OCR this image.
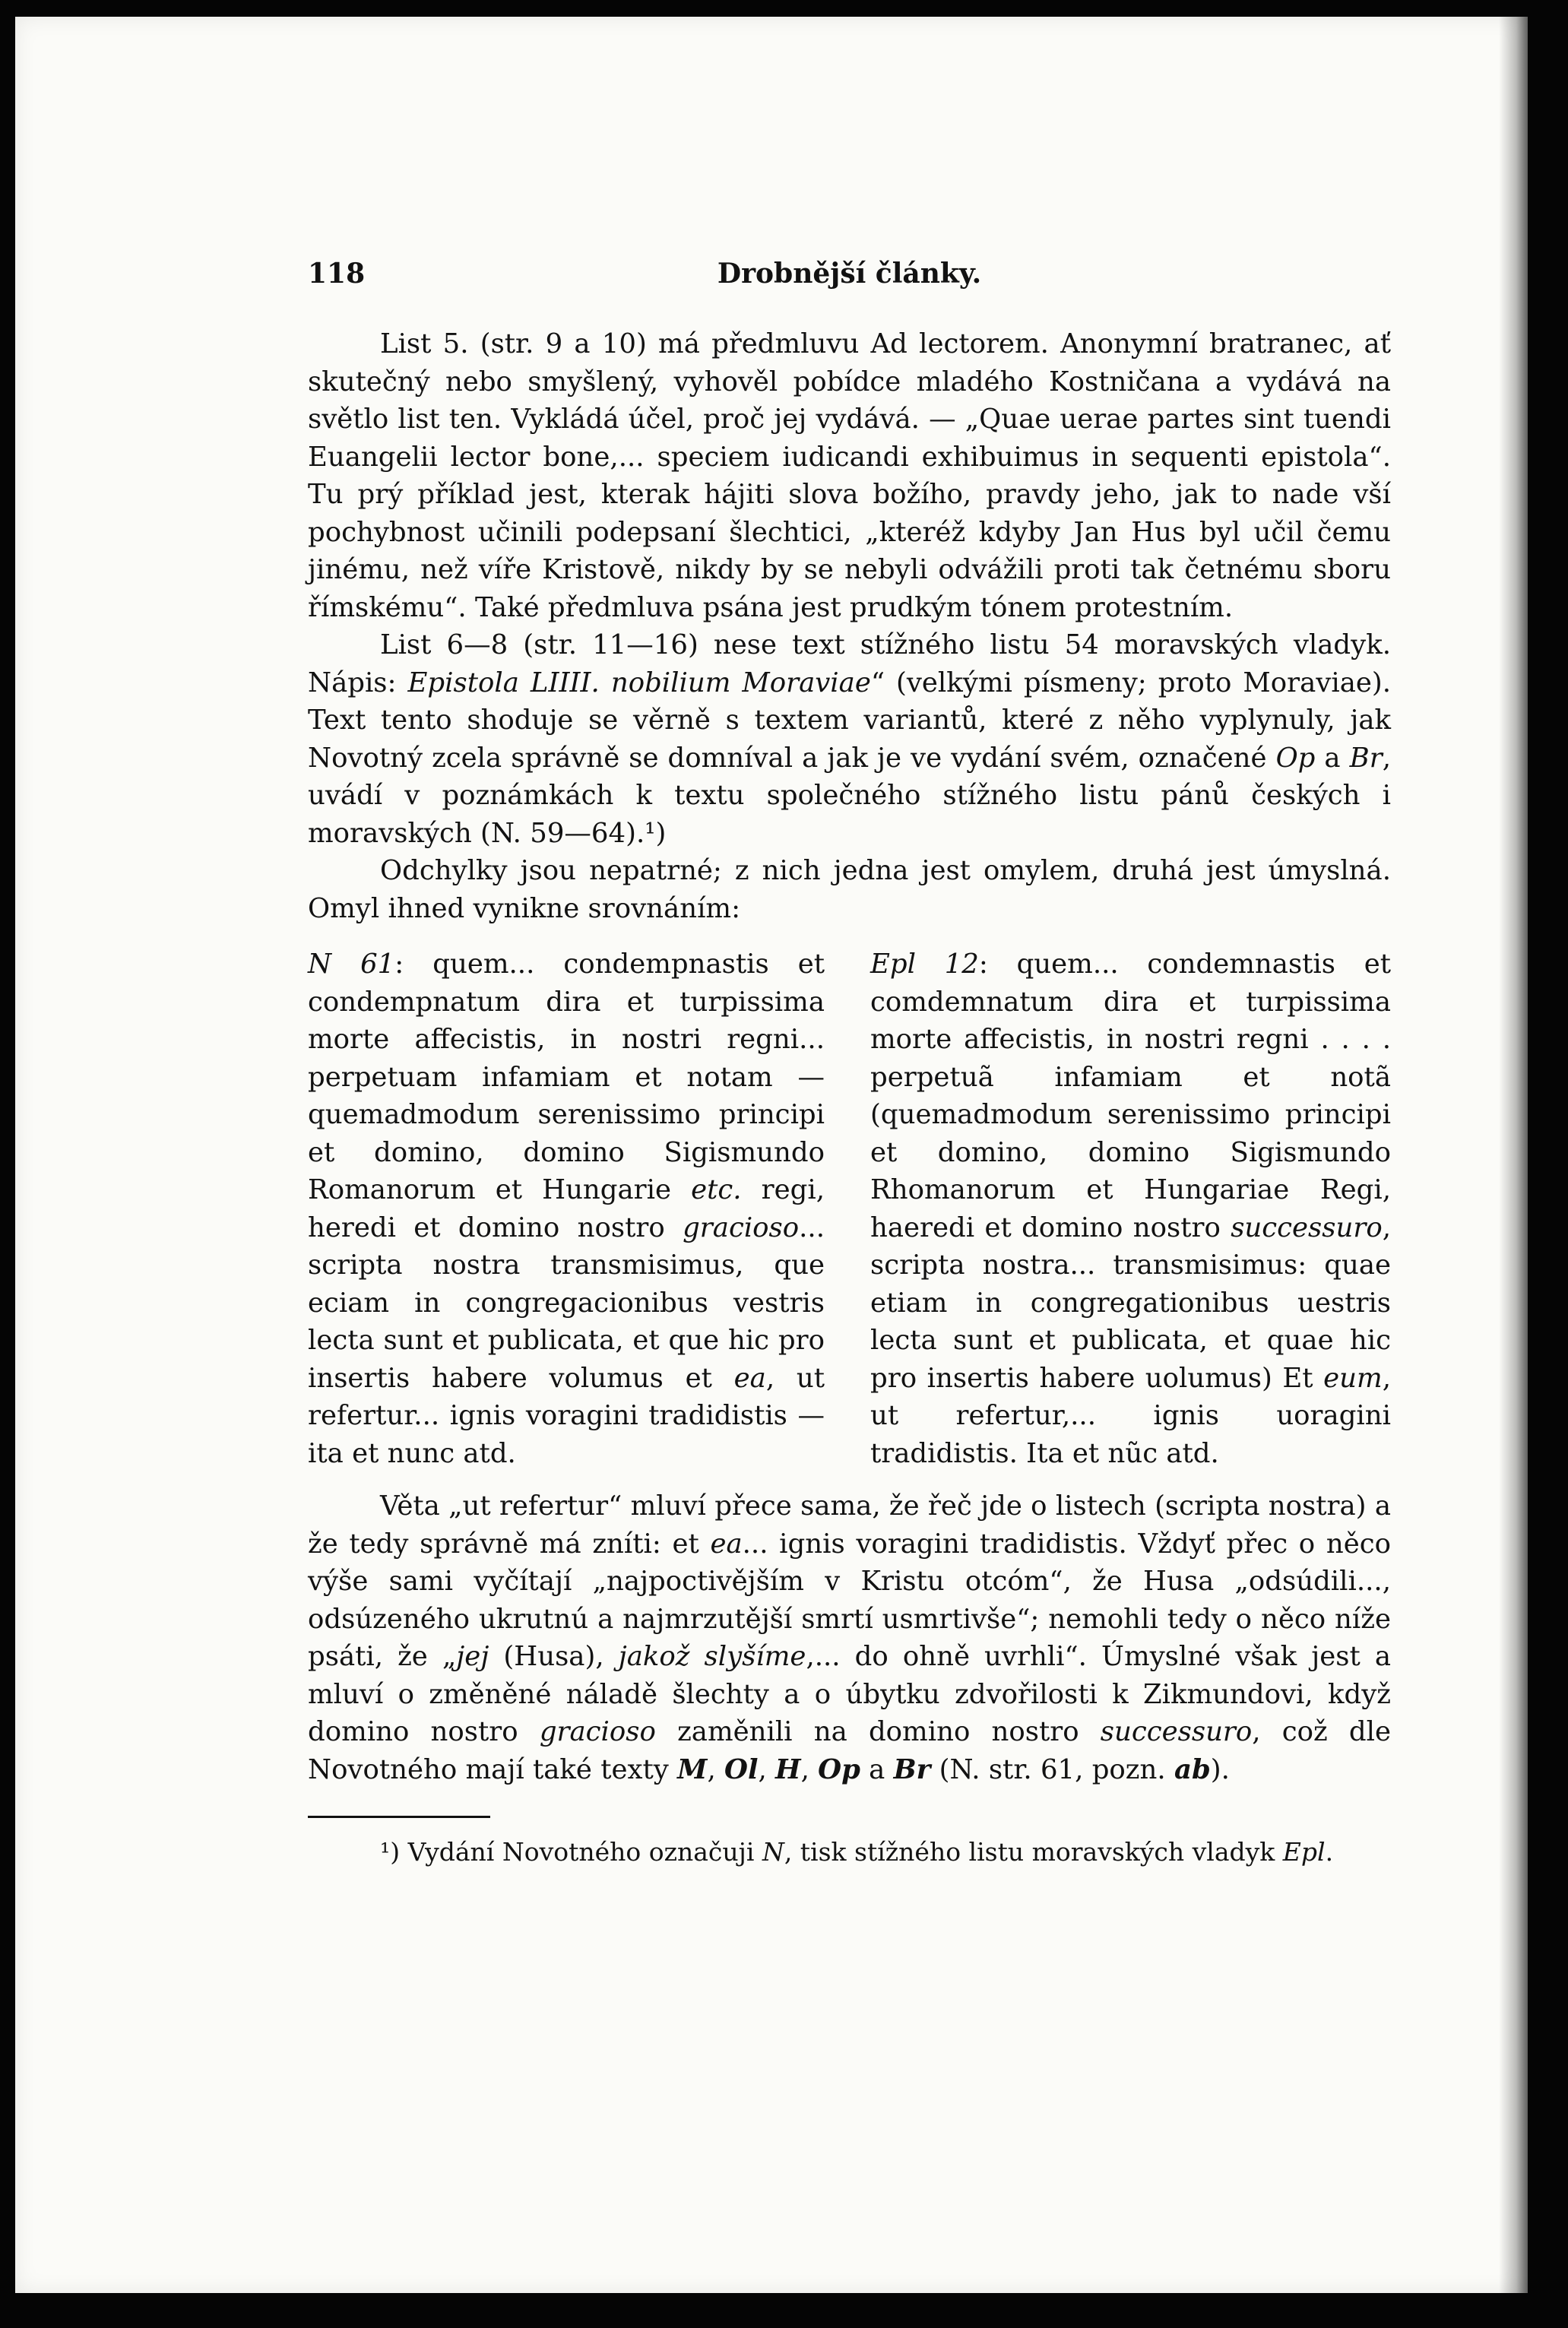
118	Drobnější články.

List 5. (str. 9 a 10) má předmluvu Ad lectorem. Anonymní bratranec, ať skutečný nebo smyšlený, vyhověl pobídce mladého Kostničana a vydává na světlo list ten. Vykládá účel, proč jej vydává. — „Quae uerae partes sint tuendi Euangelii lector bone,... speciem iudicandi exhibuimus in sequenti epistola“. Tu prý příklad jest, kterak hájiti slova božího, pravdy jeho, jak to nade vší pochybnost učinili podepsaní šlechtici, „kteréž kdyby Jan Hus byl učil čemu jinému, než víře Kristově, nikdy by se nebyli odvážili proti tak četnému sboru římskému“. Také předmluva psána jest prudkým tónem protestním.

List 6—8 (str. 11—16) nese text stížného listu 54 moravských vladyk. Nápis: Epistola LIIII. nobilium Moraviae“ (velkými písmeny; proto Moraviae). Text tento shoduje se věrně s textem variantů, které z něho vyplynuly, jak Novotný zcela správně se domníval a jak je ve vydání svém, označené Op a Br, uvádí v poznámkách k textu společného stížného listu pánů českých i moravských (N. 59—64).¹)

Odchylky jsou nepatrné; z nich jedna jest omylem, druhá jest úmyslná. Omyl ihned vynikne srovnáním:

N 61: quem... condempnastis et condempnatum dira et turpissima morte affecistis, in nostri regni... perpetuam infamiam et notam — quemadmodum serenissimo principi et domino, domino Sigismundo Romanorum et Hungarie etc. regi, heredi et domino nostro gracioso... scripta nostra transmisimus, que eciam in congregacionibus vestris lecta sunt et publicata, et que hic pro insertis habere volumus et ea, ut refertur... ignis voragini tradidistis — ita et nunc atd.
Epl 12: quem... condemnastis et comdemnatum dira et turpissima morte affecistis, in nostri regni . . . . perpetuã infamiam et notã (quemadmodum serenissimo principi et domino, domino Sigismundo Rhomanorum et Hungariae Regi, haeredi et domino nostro successuro, scripta nostra... transmisimus: quae etiam in congregationibus uestris lecta sunt et publicata, et quae hic pro insertis habere uolumus) Et eum, ut refertur,... ignis uoragini tradidistis. Ita et nũc atd.

Věta „ut refertur“ mluví přece sama, že řeč jde o listech (scripta nostra) a že tedy správně má zníti: et ea... ignis voragini tradidistis. Vždyť přec o něco výše sami vyčítají „najpoctivějším v Kristu otcóm“, že Husa „odsúdili..., odsúzeného ukrutnú a najmrzutější smrtí usmrtivše“; nemohli tedy o něco níže psáti, že „jej (Husa), jakož slyšíme,... do ohně uvrhli“. Úmyslné však jest a mluví o změněné náladě šlechty a o úbytku zdvořilosti k Zikmundovi, když domino nostro gracioso zaměnili na domino nostro successuro, což dle Novotného mají také texty M, Ol, H, Op a Br (N. str. 61, pozn. ab).

¹) Vydání Novotného označuji N, tisk stížného listu moravských vladyk Epl.
